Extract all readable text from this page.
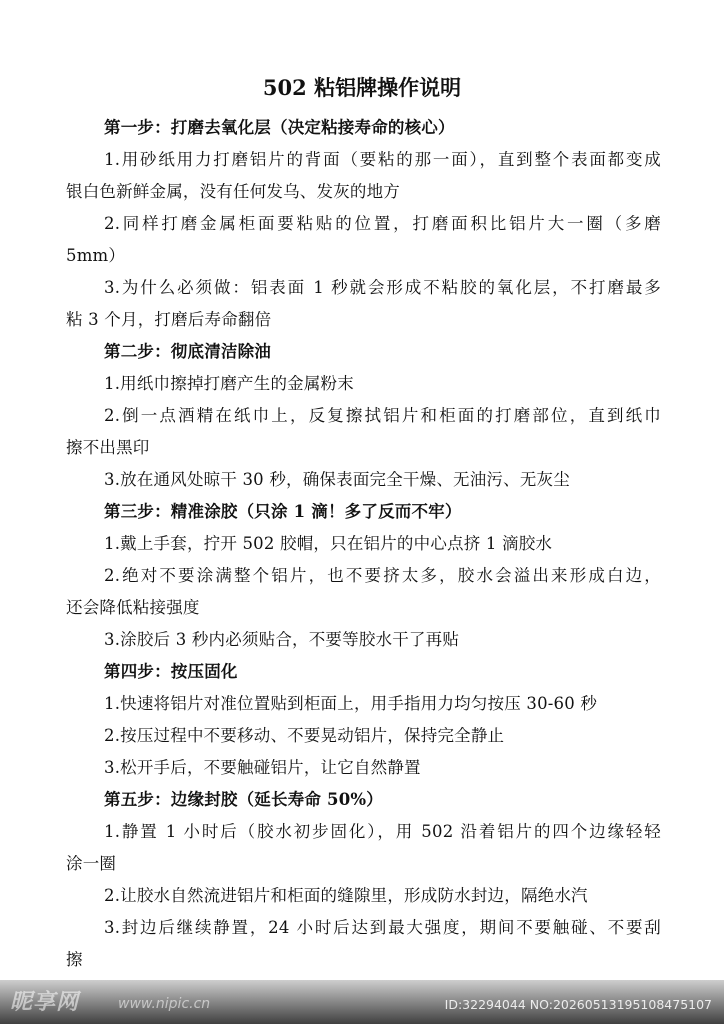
502 粘铝牌操作说明
第一步：打磨去氧化层（决定粘接寿命的核心）
1.用砂纸用力打磨铝片的背面（要粘的那一面），直到整个表面都变成
银白色新鲜金属，没有任何发乌、发灰的地方
2.同样打磨金属柜面要粘贴的位置，打磨面积比铝片大一圈（多磨
5mm）
3.为什么必须做：铝表面 1 秒就会形成不粘胶的氧化层，不打磨最多
粘 3 个月，打磨后寿命翻倍
第二步：彻底清洁除油
1.用纸巾擦掉打磨产生的金属粉末
2.倒一点酒精在纸巾上，反复擦拭铝片和柜面的打磨部位，直到纸巾
擦不出黑印
3.放在通风处晾干 30 秒，确保表面完全干燥、无油污、无灰尘
第三步：精准涂胶（只涂 1 滴！多了反而不牢）
1.戴上手套，拧开 502 胶帽，只在铝片的中心点挤 1 滴胶水
2.绝对不要涂满整个铝片，也不要挤太多，胶水会溢出来形成白边，
还会降低粘接强度
3.涂胶后 3 秒内必须贴合，不要等胶水干了再贴
第四步：按压固化
1.快速将铝片对准位置贴到柜面上，用手指用力均匀按压 30-60 秒
2.按压过程中不要移动、不要晃动铝片，保持完全静止
3.松开手后，不要触碰铝片，让它自然静置
第五步：边缘封胶（延长寿命 50%）
1.静置 1 小时后（胶水初步固化），用 502 沿着铝片的四个边缘轻轻
涂一圈
2.让胶水自然流进铝片和柜面的缝隙里，形成防水封边，隔绝水汽
3.封边后继续静置，24 小时后达到最大强度，期间不要触碰、不要刮
擦
昵享网	www.nipic.cn	ID:32294044 NO:20260513195108475107
